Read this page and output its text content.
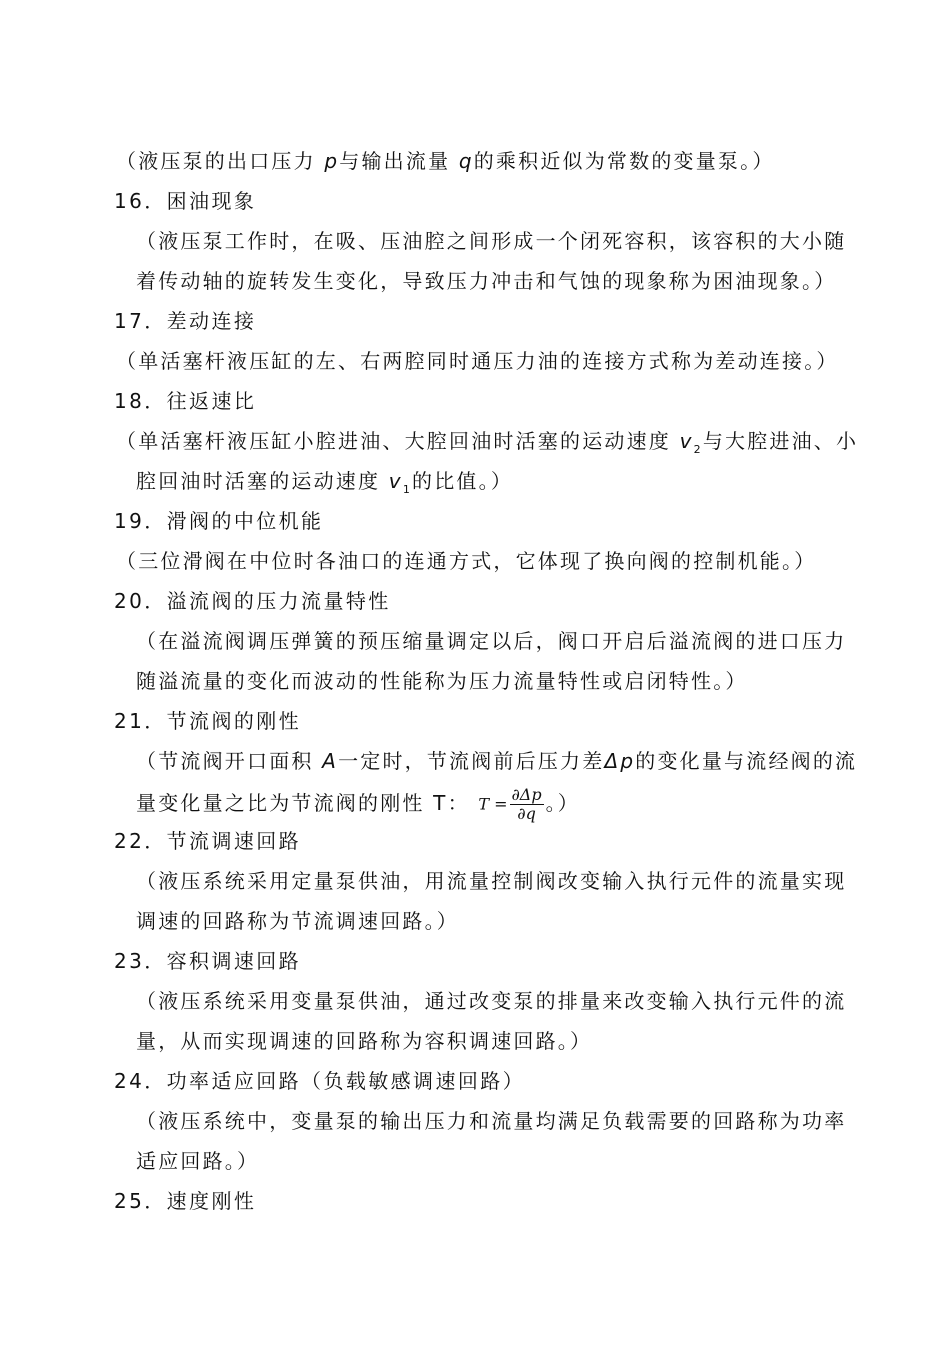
（液压泵的出口压力 p与输出流量 q的乘积近似为常数的变量泵。）
16．困油现象
（液压泵工作时，在吸、压油腔之间形成一个闭死容积，该容积的大小随
着传动轴的旋转发生变化，导致压力冲击和气蚀的现象称为困油现象。）
17．差动连接
（单活塞杆液压缸的左、右两腔同时通压力油的连接方式称为差动连接。）
18．往返速比
（单活塞杆液压缸小腔进油、大腔回油时活塞的运动速度 $v_2$与大腔进油、小
腔回油时活塞的运动速度 $v_1$的比值。）
19．滑阀的中位机能
（三位滑阀在中位时各油口的连通方式，它体现了换向阀的控制机能。）
20．溢流阀的压力流量特性
（在溢流阀调压弹簧的预压缩量调定以后，阀口开启后溢流阀的进口压力
随溢流量的变化而波动的性能称为压力流量特性或启闭特性。）
21．节流阀的刚性
（节流阀开口面积 A一定时，节流阀前后压力差Δp的变化量与流经阀的流
量变化量之比为节流阀的刚性 T： $T = \frac{\partial\Delta p}{\partial q}$ 。）
22．节流调速回路
（液压系统采用定量泵供油，用流量控制阀改变输入执行元件的流量实现
调速的回路称为节流调速回路。）
23．容积调速回路
（液压系统采用变量泵供油，通过改变泵的排量来改变输入执行元件的流
量，从而实现调速的回路称为容积调速回路。）
24．功率适应回路（负载敏感调速回路）
（液压系统中，变量泵的输出压力和流量均满足负载需要的回路称为功率
适应回路。）
25．速度刚性
